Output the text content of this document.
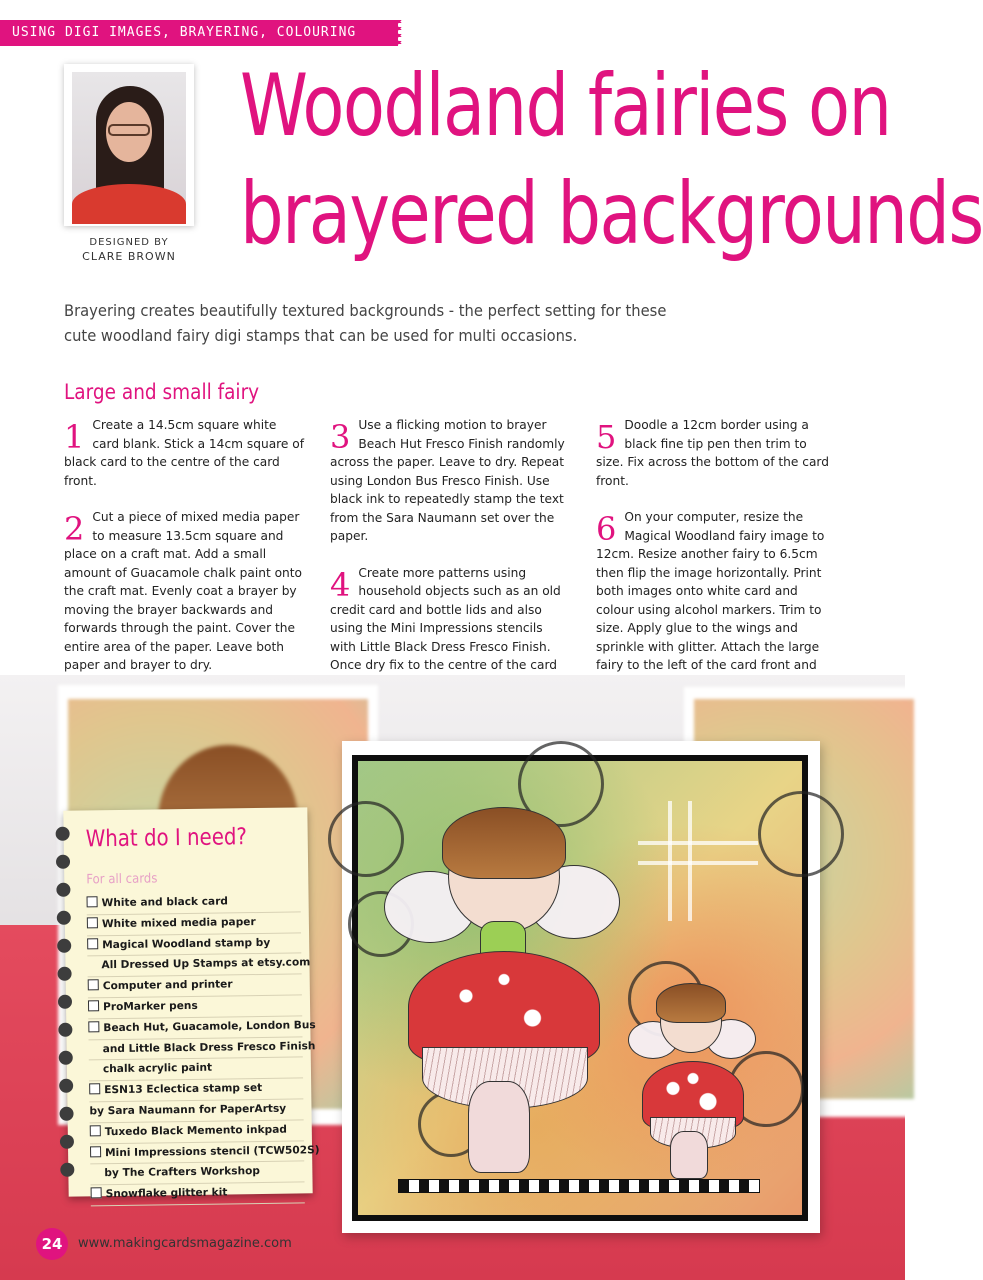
USING DIGI IMAGES, BRAYERING, COLOURING
DESIGNED BY
CLARE BROWN
Woodland fairies on
brayered backgrounds
Brayering creates beautifully textured backgrounds - the perfect setting for these
cute woodland fairy digi stamps that can be used for multi occasions.
Large and small fairy

1 Create a 14.5cm square white card blank. Stick a 14cm square of black card to the centre of the card front.

2 Cut a piece of mixed media paper to measure 13.5cm square and place on a craft mat. Add a small amount of Guacamole chalk paint onto the craft mat. Evenly coat a brayer by moving the brayer backwards and forwards through the paint. Cover the entire area of the paper. Leave both paper and brayer to dry.

3 Use a flicking motion to brayer Beach Hut Fresco Finish randomly across the paper. Leave to dry. Repeat using London Bus Fresco Finish. Use black ink to repeatedly stamp the text from the Sara Naumann set over the paper.

4 Create more patterns using household objects such as an old credit card and bottle lids and also using the Mini Impressions stencils with Little Black Dress Fresco Finish. Once dry fix to the centre of the card

5 Doodle a 12cm border using a black fine tip pen then trim to size. Fix across the bottom of the card front.

6 On your computer, resize the Magical Woodland fairy image to 12cm. Resize another fairy to 6.5cm then flip the image horizontally. Print both images onto white card and colour using alcohol markers. Trim to size. Apply glue to the wings and sprinkle with glitter. Attach the large fairy to the left of the card front and

What do I need?
For all cards
White and black card
White mixed media paper
Magical Woodland stamp by
All Dressed Up Stamps at etsy.com
Computer and printer
ProMarker pens
Beach Hut, Guacamole, London Bus
and Little Black Dress Fresco Finish
chalk acrylic paint
ESN13 Eclectica stamp set
by Sara Naumann for PaperArtsy
Tuxedo Black Memento inkpad
Mini Impressions stencil (TCW502S)
by The Crafters Workshop
Snowflake glitter kit
24	www.makingcardsmagazine.com
